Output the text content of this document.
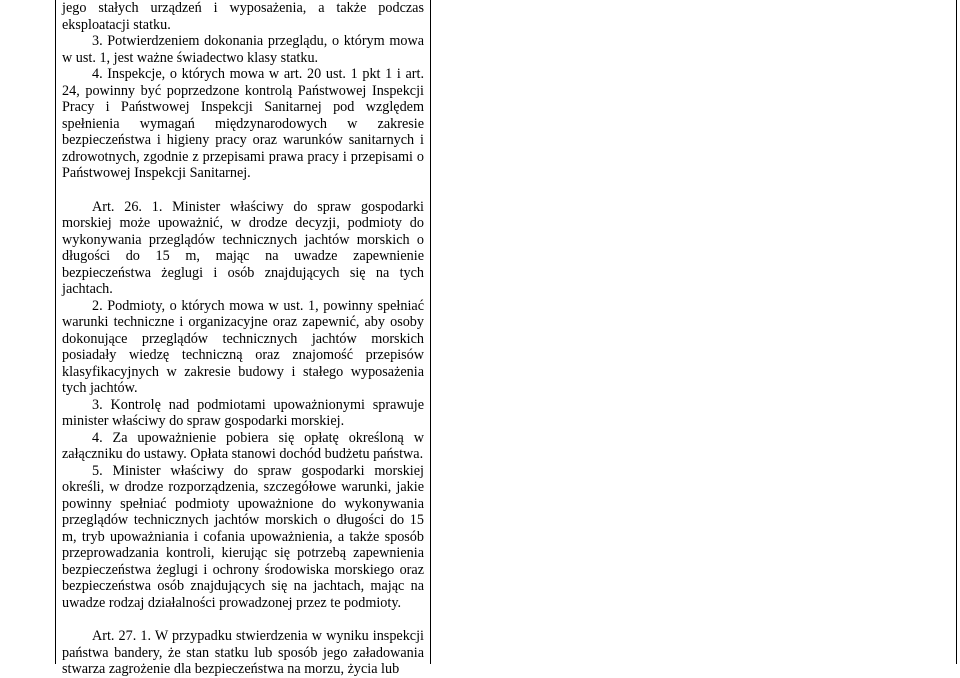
jego stałych urządzeń i wyposażenia, a także podczas eksploatacji statku.

3. Potwierdzeniem dokonania przeglądu, o którym mowa w ust. 1, jest ważne świadectwo klasy statku.

4. Inspekcje, o których mowa w art. 20 ust. 1 pkt 1 i art. 24, powinny być poprzedzone kontrolą Państwowej Inspekcji Pracy i Państwowej Inspekcji Sanitarnej pod względem spełnienia wymagań międzynarodowych w zakresie bezpieczeństwa i higieny pracy oraz warunków sanitarnych i zdrowotnych, zgodnie z przepisami prawa pracy i przepisami o Państwowej Inspekcji Sanitarnej.

Art. 26. 1. Minister właściwy do spraw gospodarki morskiej może upoważnić, w drodze decyzji, podmioty do wykonywania przeglądów technicznych jachtów morskich o długości do 15 m, mając na uwadze zapewnienie bezpieczeństwa żeglugi i osób znajdujących się na tych jachtach.

2. Podmioty, o których mowa w ust. 1, powinny spełniać warunki techniczne i organizacyjne oraz zapewnić, aby osoby dokonujące przeglądów technicznych jachtów morskich posiadały wiedzę techniczną oraz znajomość przepisów klasyfikacyjnych w zakresie budowy i stałego wyposażenia tych jachtów.

3. Kontrolę nad podmiotami upoważnionymi sprawuje minister właściwy do spraw gospodarki morskiej.

4. Za upoważnienie pobiera się opłatę określoną w załączniku do ustawy. Opłata stanowi dochód budżetu państwa.

5. Minister właściwy do spraw gospodarki morskiej określi, w drodze rozporządzenia, szczegółowe warunki, jakie powinny spełniać podmioty upoważnione do wykonywania przeglądów technicznych jachtów morskich o długości do 15 m, tryb upoważniania i cofania upoważnienia, a także sposób przeprowadzania kontroli, kierując się potrzebą zapewnienia bezpieczeństwa żeglugi i ochrony środowiska morskiego oraz bezpieczeństwa osób znajdujących się na jachtach, mając na uwadze rodzaj działalności prowadzonej przez te podmioty.

Art. 27. 1. W przypadku stwierdzenia w wyniku inspekcji państwa bandery, że stan statku lub sposób jego załadowania stwarza zagrożenie dla bezpieczeństwa na morzu, życia lub
